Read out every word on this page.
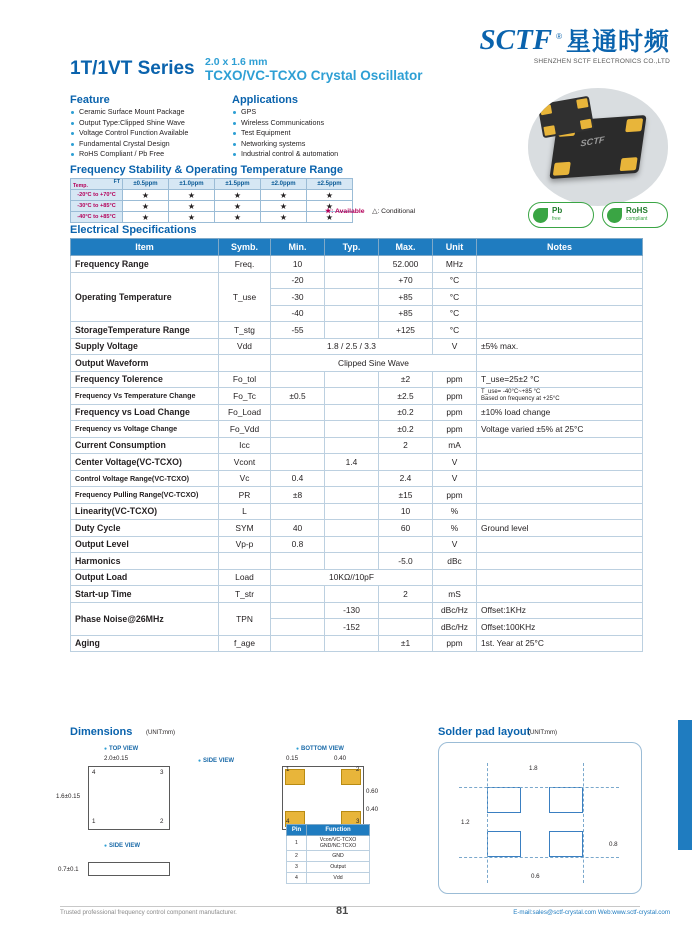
SCTF ® 星通时频
SHENZHEN SCTF ELECTRONICS CO.,LTD
1T/1VT Series 2.0 x 1.6 mm
TCXO/VC-TCXO Crystal Oscillator
Feature
Ceramic Surface Mount Package
Output Type:Clipped Shine Wave
Voltage Control Function Available
Fundamental Crystal Design
RoHS Compliant / Pb Free
Applications
GPS
Wireless Communications
Test Equipment
Networking systems
Industrial control & automation
SCTF
Frequency Stability & Operating Temperature Range
Temp.
FT	±0.5ppm	±1.0ppm	±1.5ppm	±2.0ppm	±2.5ppm
-20°C to +70°C	★	★	★	★	★
-30°C to +85°C	★	★	★	★	★
-40°C to +85°C	★	★	★	★	★
★: Available △: Conditional	Pb
free
RoHS
compliant
Electrical Specifications
Item	Symb.	Min.	Typ.	Max.	Unit	Notes	
Frequency Range	Freq.	10		52.000	MHz		
Operating Temperature	T_use	-20		+70	°C		
		-30		+85	°C		
		-40		+85	°C		
StorageTemperature Range	T_stg	-55		+125	°C		
Supply Voltage	Vdd	1.8 / 2.5 / 3.3			V	±5% max.	
Output Waveform		Clipped Sine Wave					
Frequency Tolerence	Fo_tol			±2	ppm	T_use=25±2 °C	
Frequency Vs Temperature Change	Fo_Tc	±0.5		±2.5	ppm	T_use= -40°C~+85 °C
Based on frequency at +25°C	
Frequency vs Load Change	Fo_Load			±0.2	ppm	±10% load change	
Frequency vs Voltage Change	Fo_Vdd			±0.2	ppm	Voltage varied ±5% at 25°C	
Current Consumption	Icc			2	mA		
Center Voltage(VC-TCXO)	Vcont		1.4		V		
Control Voltage Range(VC-TCXO)	Vc	0.4		2.4	V		
Frequency Pulling Range(VC-TCXO)	PR	±8		±15	ppm		
Linearity(VC-TCXO)	L			10	%		
Duty Cycle	SYM	40		60	%	Ground level	
Output Level	Vp-p	0.8			V		
Harmonics				-5.0	dBc		
Output Load	Load	10KΩ//10pF					
Start-up Time	T_str			2	mS		
Phase Noise@26MHz	TPN		-130		dBc/Hz	Offset:1KHz	
			-152		dBc/Hz	Offset:100KHz	
Aging	f_age			±1	ppm	1st. Year at 25°C	
Dimensions (UNIT:mm)	Solder pad layout
(UNIT:mm)
● TOP VIEW
2.0±0.15
1.6±0.15
4	3
1	2
● SIDE VIEW
● SIDE VIEW
0.7±0.1
● BOTTOM VIEW
0.15	0.40
0.60
0.40
1	2
4	3
Pin	Function
1	Vcon/VC-TCXO
GND/NC:TCXO
2	GND
3	Output
4	Vdd
1.8
1.2
0.8
0.6
Trusted professional frequency control component manufacturer.	81	E-mail:sales@sctf-crystal.com Web:www.sctf-crystal.com
